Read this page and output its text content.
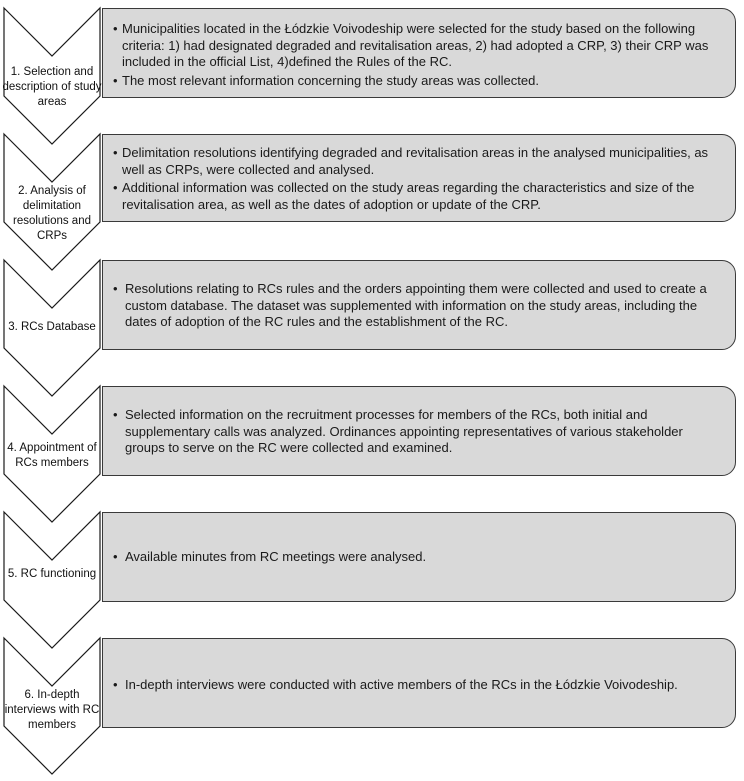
1. Selection and description of study areas
• Municipalities located in the Łódzkie Voivodeship were selected for the study based on the following criteria: 1) had designated degraded and revitalisation areas, 2) had adopted a CRP, 3) their CRP was included in the official List, 4)defined the Rules of the RC.
• The most relevant information concerning the study areas was collected.
2. Analysis of delimitation resolutions and CRPs
• Delimitation resolutions identifying degraded and revitalisation areas in the analysed municipalities, as well as CRPs, were collected and analysed.
• Additional information was collected on the study areas regarding the characteristics and size of the revitalisation area, as well as the dates of adoption or update of the CRP.
3. RCs Database
• Resolutions relating to RCs rules and the orders appointing them were collected and used to create a custom database. The dataset was supplemented with information on the study areas, including the dates of adoption of the RC rules and the establishment of the RC.
4. Appointment of RCs members
• Selected information on the recruitment processes for members of the RCs, both initial and supplementary calls was analyzed. Ordinances appointing representatives of various stakeholder groups to serve on the RC were collected and examined.
5. RC functioning
• Available minutes from RC meetings were analysed.
6. In-depth interviews with RC members
• In-depth interviews were conducted with active members of the RCs in the Łódzkie Voivodeship.
